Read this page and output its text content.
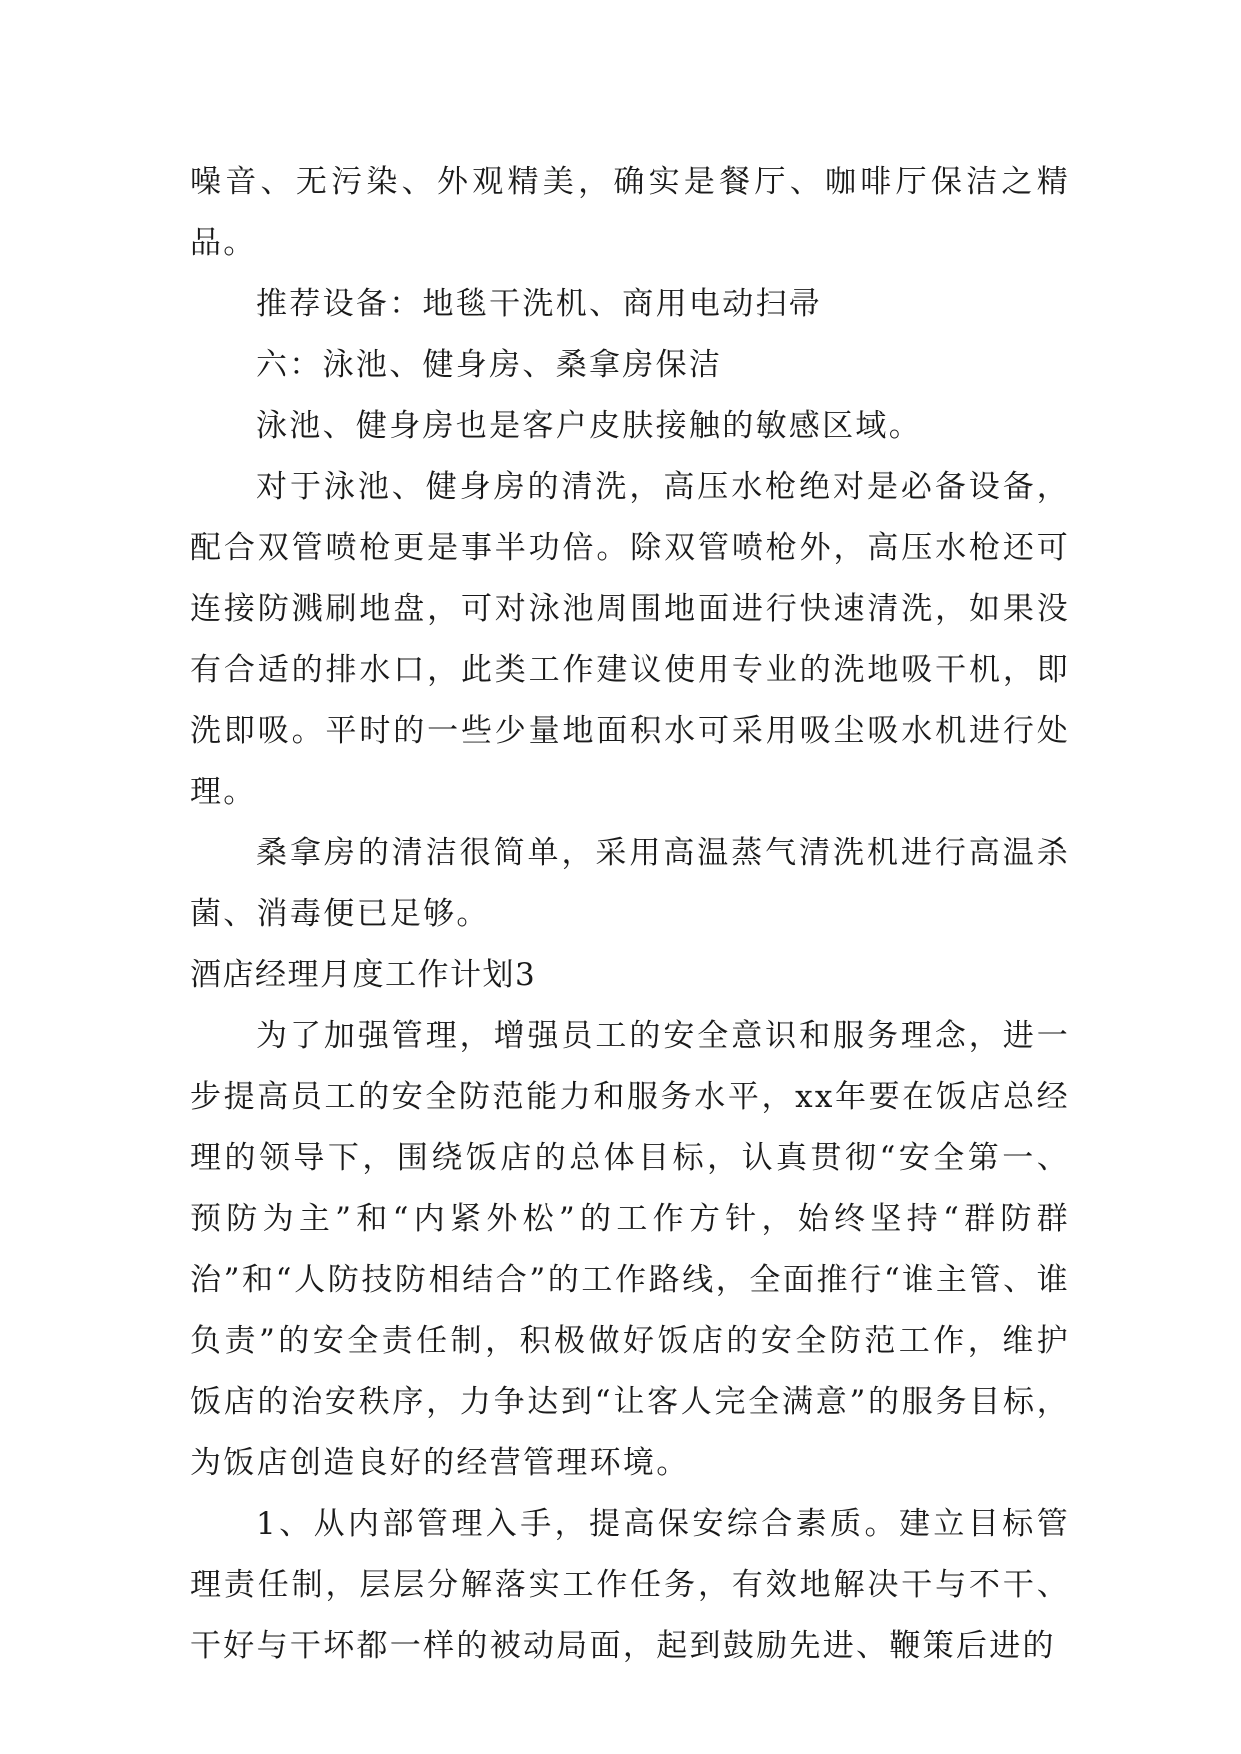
噪音、无污染、外观精美，确实是餐厅、咖啡厅保洁之精品。

推荐设备：地毯干洗机、商用电动扫帚

六：泳池、健身房、桑拿房保洁

泳池、健身房也是客户皮肤接触的敏感区域。

对于泳池、健身房的清洗，高压水枪绝对是必备设备，配合双管喷枪更是事半功倍。除双管喷枪外，高压水枪还可连接防溅刷地盘，可对泳池周围地面进行快速清洗，如果没有合适的排水口，此类工作建议使用专业的洗地吸干机，即洗即吸。平时的一些少量地面积水可采用吸尘吸水机进行处理。

桑拿房的清洁很简单，采用高温蒸气清洗机进行高温杀菌、消毒便已足够。

酒店经理月度工作计划3

为了加强管理，增强员工的安全意识和服务理念，进一步提高员工的安全防范能力和服务水平，xx年要在饭店总经理的领导下，围绕饭店的总体目标，认真贯彻“安全第一、预防为主”和“内紧外松”的工作方针，始终坚持“群防群治”和“人防技防相结合”的工作路线，全面推行“谁主管、谁负责”的安全责任制，积极做好饭店的安全防范工作，维护饭店的治安秩序，力争达到“让客人完全满意”的服务目标，为饭店创造良好的经营管理环境。

1、从内部管理入手，提高保安综合素质。建立目标管理责任制，层层分解落实工作任务，有效地解决干与不干、干好与干坏都一样的被动局面，起到鼓励先进、鞭策后进的
